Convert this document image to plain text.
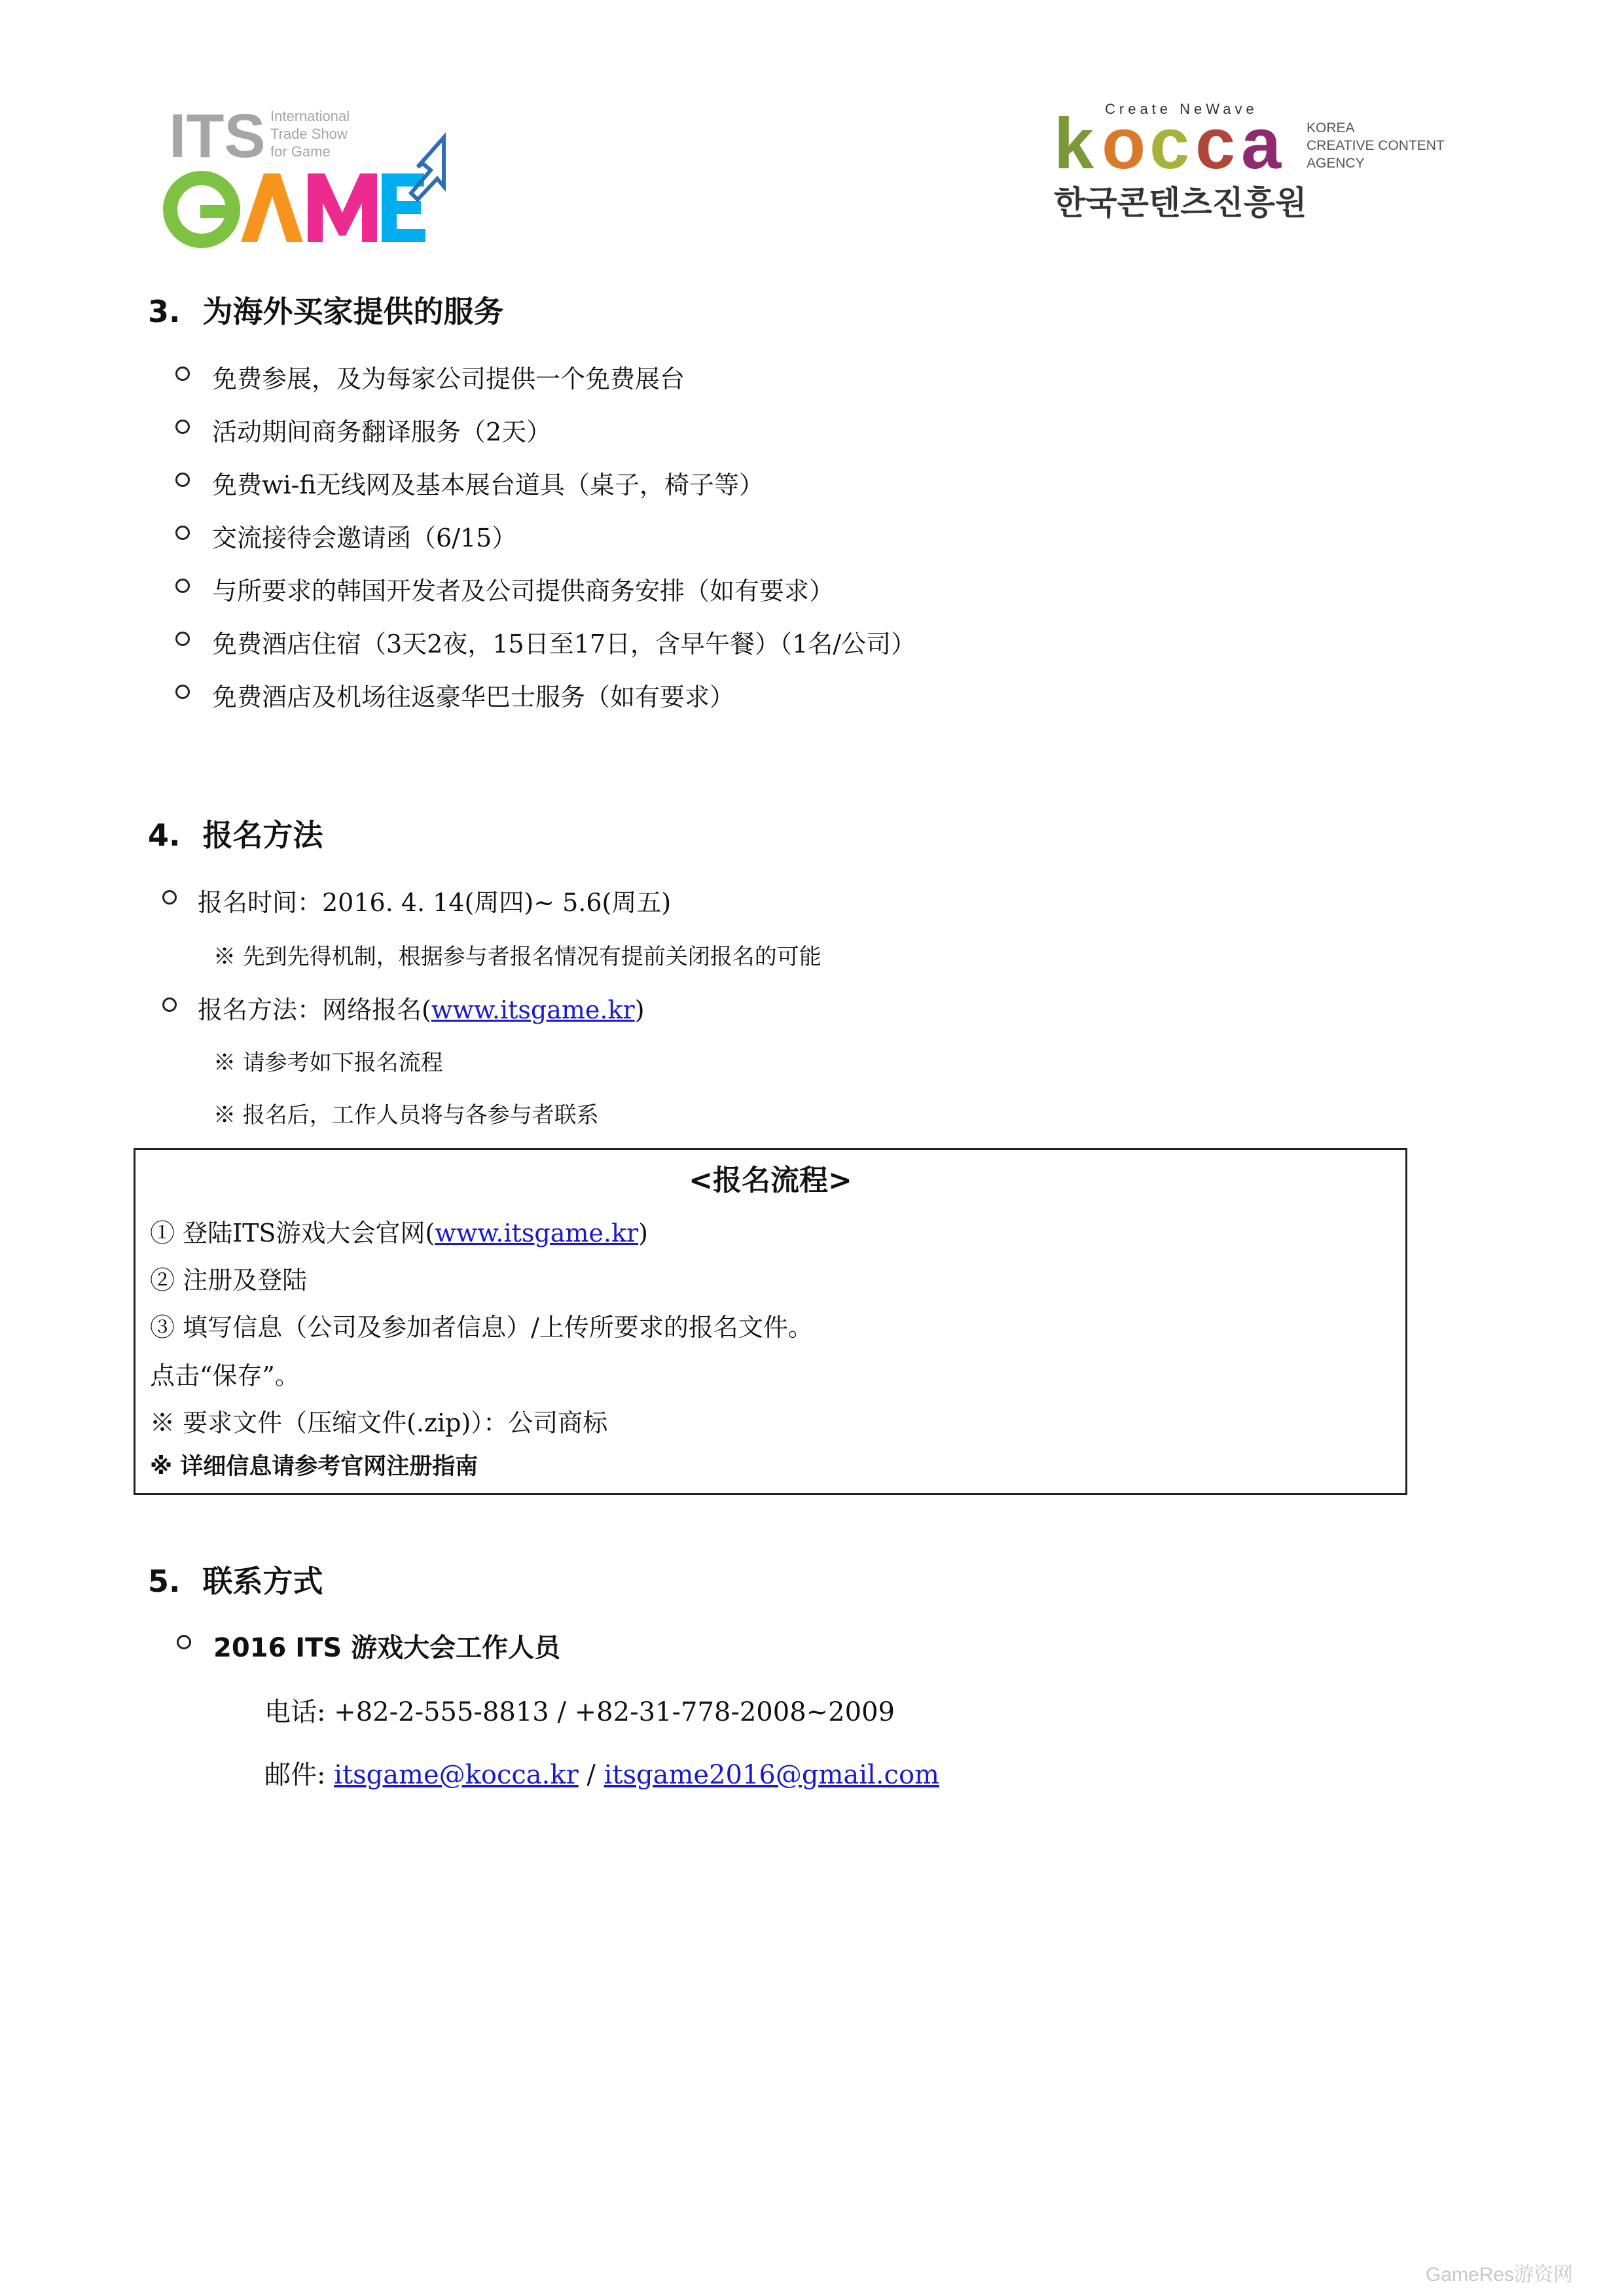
ITS International
Trade Show
for Game
Create NeWave
k o c c a KOREA
CREATIVE CONTENT
AGENCY
한국콘텐츠진흥원
3. 为海外买家提供的服务
免费参展，及为每家公司提供一个免费展台
活动期间商务翻译服务（2天）
免费wi-fi无线网及基本展台道具（桌子，椅子等）
交流接待会邀请函（6/15）
与所要求的韩国开发者及公司提供商务安排（如有要求）
免费酒店住宿（3天2夜，15日至17日，含早午餐）（1名/公司）
免费酒店及机场往返豪华巴士服务（如有要求）
4. 报名方法
报名时间：2016. 4. 14(周四)~ 5.6(周五)
※ 先到先得机制，根据参与者报名情况有提前关闭报名的可能
报名方法：网络报名(www.itsgame.kr)
※ 请参考如下报名流程
※ 报名后，工作人员将与各参与者联系
<报名流程>
① 登陆ITS游戏大会官网(www.itsgame.kr)
② 注册及登陆
③ 填写信息（公司及参加者信息）/上传所要求的报名文件。
点击“保存”。
※ 要求文件（压缩文件(.zip)）：公司商标
※ 详细信息请参考官网注册指南
5. 联系方式
2016 ITS 游戏大会工作人员
电话: +82-2-555-8813 / +82-31-778-2008~2009
邮件: itsgame@kocca.kr / itsgame2016@gmail.com
GameRes游资网
